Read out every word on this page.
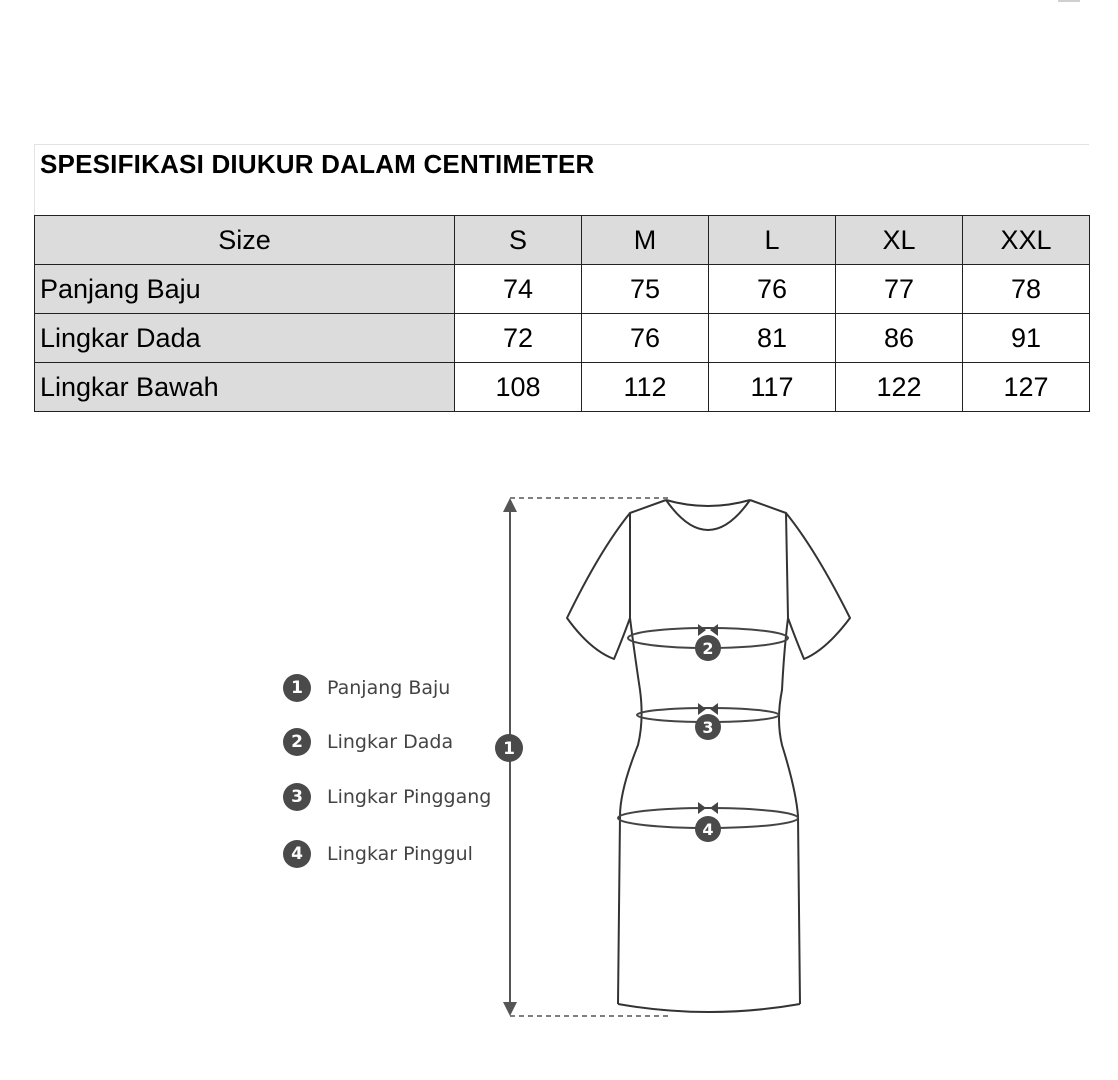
SPESIFIKASI DIUKUR DALAM CENTIMETER
Size	S	M	L	XL	XXL
Panjang Baju	74	75	76	77	78
Lingkar Dada	72	76	81	86	91
Lingkar Bawah	108	112	117	122	127
1	Panjang Baju
2	Lingkar Dada
3	Lingkar Pinggang
4	Lingkar Pinggul
1
2
3
4
